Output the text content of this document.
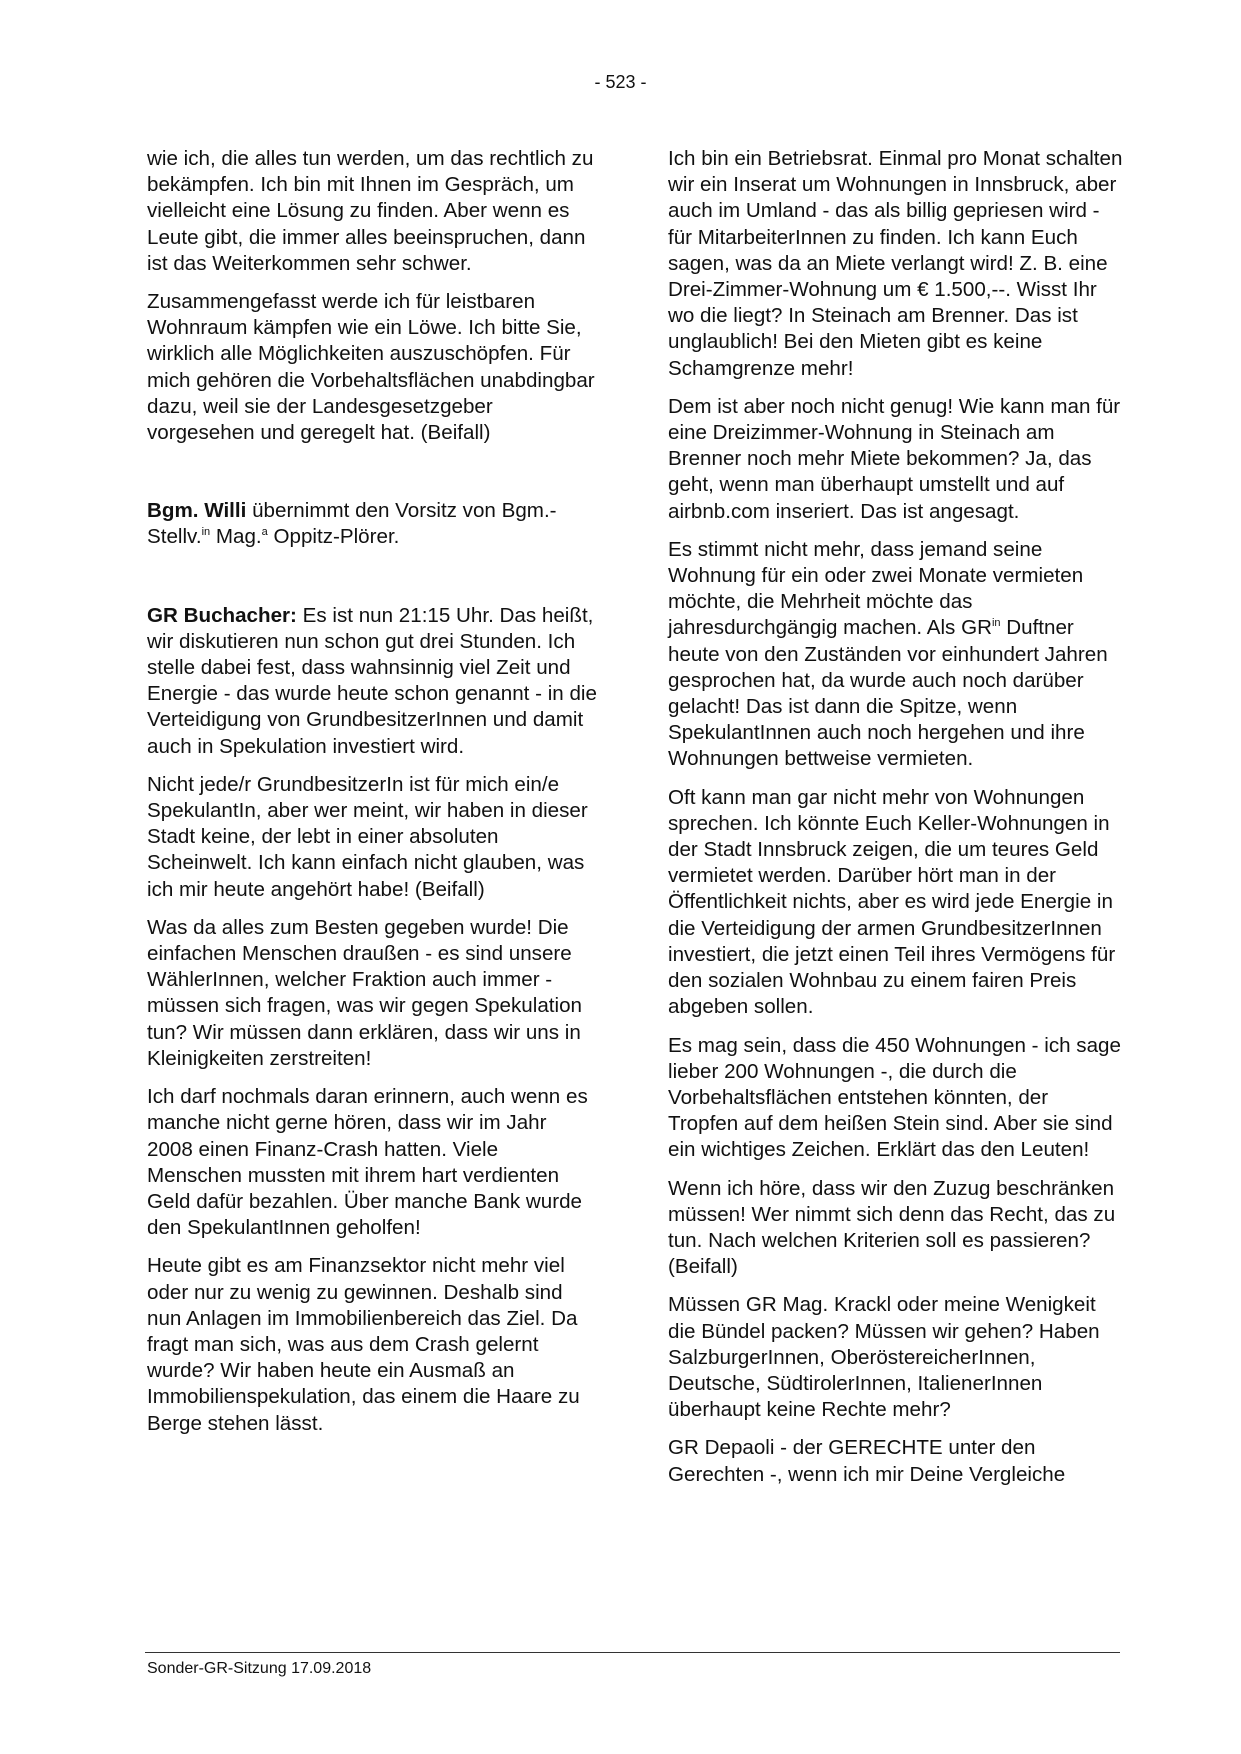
- 523 -

wie ich, die alles tun werden, um das rechtlich zu bekämpfen. Ich bin mit Ihnen im Gespräch, um vielleicht eine Lösung zu finden. Aber wenn es Leute gibt, die immer alles beeinspruchen, dann ist das Weiterkommen sehr schwer.

Zusammengefasst werde ich für leistbaren Wohnraum kämpfen wie ein Löwe. Ich bitte Sie, wirklich alle Möglichkeiten auszuschöpfen. Für mich gehören die Vorbehaltsflächen unabdingbar dazu, weil sie der Landesgesetzgeber vorgesehen und geregelt hat. (Beifall)

Bgm. Willi übernimmt den Vorsitz von Bgm.-Stellv.$^{in}$ Mag.$^a$ Oppitz-Plörer.

GR Buchacher: Es ist nun 21:15 Uhr. Das heißt, wir diskutieren nun schon gut drei Stunden. Ich stelle dabei fest, dass wahnsinnig viel Zeit und Energie - das wurde heute schon genannt - in die Verteidigung von GrundbesitzerInnen und damit auch in Spekulation investiert wird.

Nicht jede/r GrundbesitzerIn ist für mich ein/e SpekulantIn, aber wer meint, wir haben in dieser Stadt keine, der lebt in einer absoluten Scheinwelt. Ich kann einfach nicht glauben, was ich mir heute angehört habe! (Beifall)

Was da alles zum Besten gegeben wurde! Die einfachen Menschen draußen - es sind unsere WählerInnen, welcher Fraktion auch immer - müssen sich fragen, was wir gegen Spekulation tun? Wir müssen dann erklären, dass wir uns in Kleinigkeiten zerstreiten!

Ich darf nochmals daran erinnern, auch wenn es manche nicht gerne hören, dass wir im Jahr 2008 einen Finanz-Crash hatten. Viele Menschen mussten mit ihrem hart verdienten Geld dafür bezahlen. Über manche Bank wurde den SpekulantInnen geholfen!

Heute gibt es am Finanzsektor nicht mehr viel oder nur zu wenig zu gewinnen. Deshalb sind nun Anlagen im Immobilienbereich das Ziel. Da fragt man sich, was aus dem Crash gelernt wurde? Wir haben heute ein Ausmaß an Immobilienspekulation, das einem die Haare zu Berge stehen lässt.

Ich bin ein Betriebsrat. Einmal pro Monat schalten wir ein Inserat um Wohnungen in Innsbruck, aber auch im Umland - das als billig gepriesen wird - für MitarbeiterInnen zu finden. Ich kann Euch sagen, was da an Miete verlangt wird! Z. B. eine Drei-Zimmer-Wohnung um € 1.500,--. Wisst Ihr wo die liegt? In Steinach am Brenner. Das ist unglaublich! Bei den Mieten gibt es keine Schamgrenze mehr!

Dem ist aber noch nicht genug! Wie kann man für eine Dreizimmer-Wohnung in Steinach am Brenner noch mehr Miete bekommen? Ja, das geht, wenn man überhaupt umstellt und auf airbnb.com inseriert. Das ist angesagt.

Es stimmt nicht mehr, dass jemand seine Wohnung für ein oder zwei Monate vermieten möchte, die Mehrheit möchte das jahresdurchgängig machen. Als $GR^{in}$ Duftner heute von den Zuständen vor einhundert Jahren gesprochen hat, da wurde auch noch darüber gelacht! Das ist dann die Spitze, wenn SpekulantInnen auch noch hergehen und ihre Wohnungen bettweise vermieten.

Oft kann man gar nicht mehr von Wohnungen sprechen. Ich könnte Euch Keller-Wohnungen in der Stadt Innsbruck zeigen, die um teures Geld vermietet werden. Darüber hört man in der Öffentlichkeit nichts, aber es wird jede Energie in die Verteidigung der armen GrundbesitzerInnen investiert, die jetzt einen Teil ihres Vermögens für den sozialen Wohnbau zu einem fairen Preis abgeben sollen.

Es mag sein, dass die 450 Wohnungen - ich sage lieber 200 Wohnungen -, die durch die Vorbehaltsflächen entstehen könnten, der Tropfen auf dem heißen Stein sind. Aber sie sind ein wichtiges Zeichen. Erklärt das den Leuten!

Wenn ich höre, dass wir den Zuzug beschränken müssen! Wer nimmt sich denn das Recht, das zu tun. Nach welchen Kriterien soll es passieren? (Beifall)

Müssen GR Mag. Krackl oder meine Wenigkeit die Bündel packen? Müssen wir gehen? Haben SalzburgerInnen, OberöstereicherInnen, Deutsche, SüdtirolerInnen, ItalienerInnen überhaupt keine Rechte mehr?

GR Depaoli - der GERECHTE unter den Gerechten -, wenn ich mir Deine Vergleiche

Sonder-GR-Sitzung 17.09.2018
